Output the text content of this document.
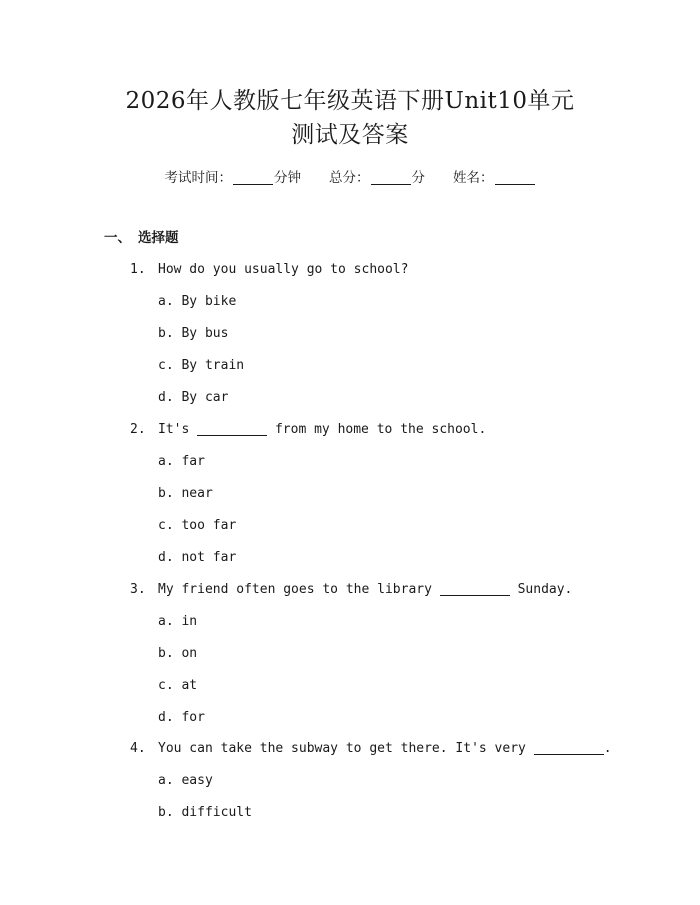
2026年人教版七年级英语下册Unit10单元
测试及答案
考试时间：	分钟 总分：	分 姓名：
一、 选择题
1. How do you usually go to school?
a. By bike
b. By bus
c. By train
d. By car
2. It's	from my home to the school.
a. far
b. near
c. too far
d. not far
3. My friend often goes to the library	Sunday.
a. in
b. on
c. at
d. for
4. You can take the subway to get there. It's very	.
a. easy
b. difficult
